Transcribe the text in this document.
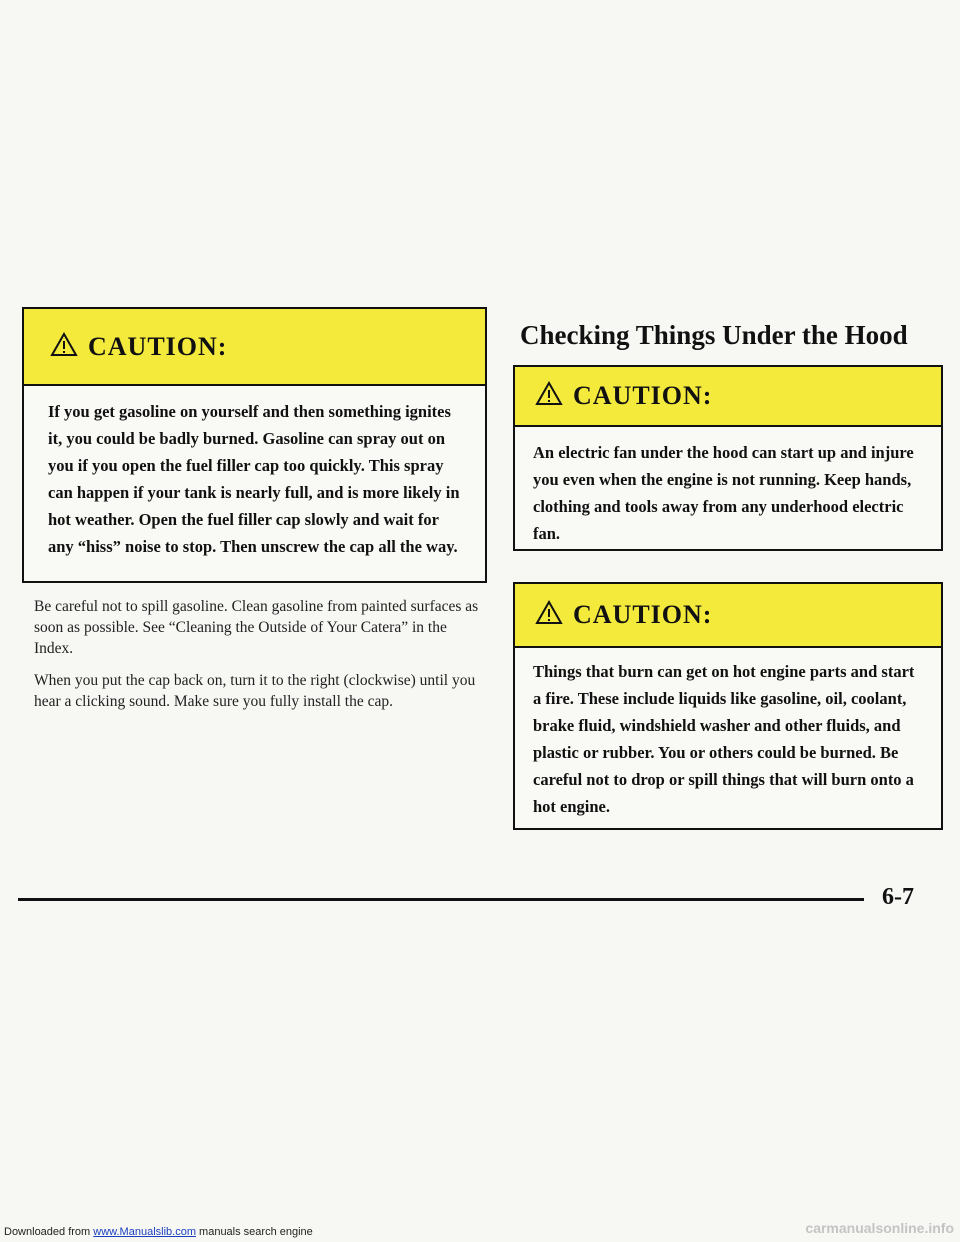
CAUTION:
If you get gasoline on yourself and then something ignites it, you could be badly burned. Gasoline can spray out on you if you open the fuel filler cap too quickly. This spray can happen if your tank is nearly full, and is more likely in hot weather. Open the fuel filler cap slowly and wait for any “hiss” noise to stop. Then unscrew the cap all the way.

Be careful not to spill gasoline. Clean gasoline from painted surfaces as soon as possible. See “Cleaning the Outside of Your Catera” in the Index.

When you put the cap back on, turn it to the right (clockwise) until you hear a clicking sound. Make sure you fully install the cap.

Checking Things Under the Hood
CAUTION:
An electric fan under the hood can start up and injure you even when the engine is not running. Keep hands, clothing and tools away from any underhood electric fan.
CAUTION:
Things that burn can get on hot engine parts and start a fire. These include liquids like gasoline, oil, coolant, brake fluid, windshield washer and other fluids, and plastic or rubber. You or others could be burned. Be careful not to drop or spill things that will burn onto a hot engine.
6-7
Downloaded from www.Manualslib.com manuals search engine	carmanualsonline.info
